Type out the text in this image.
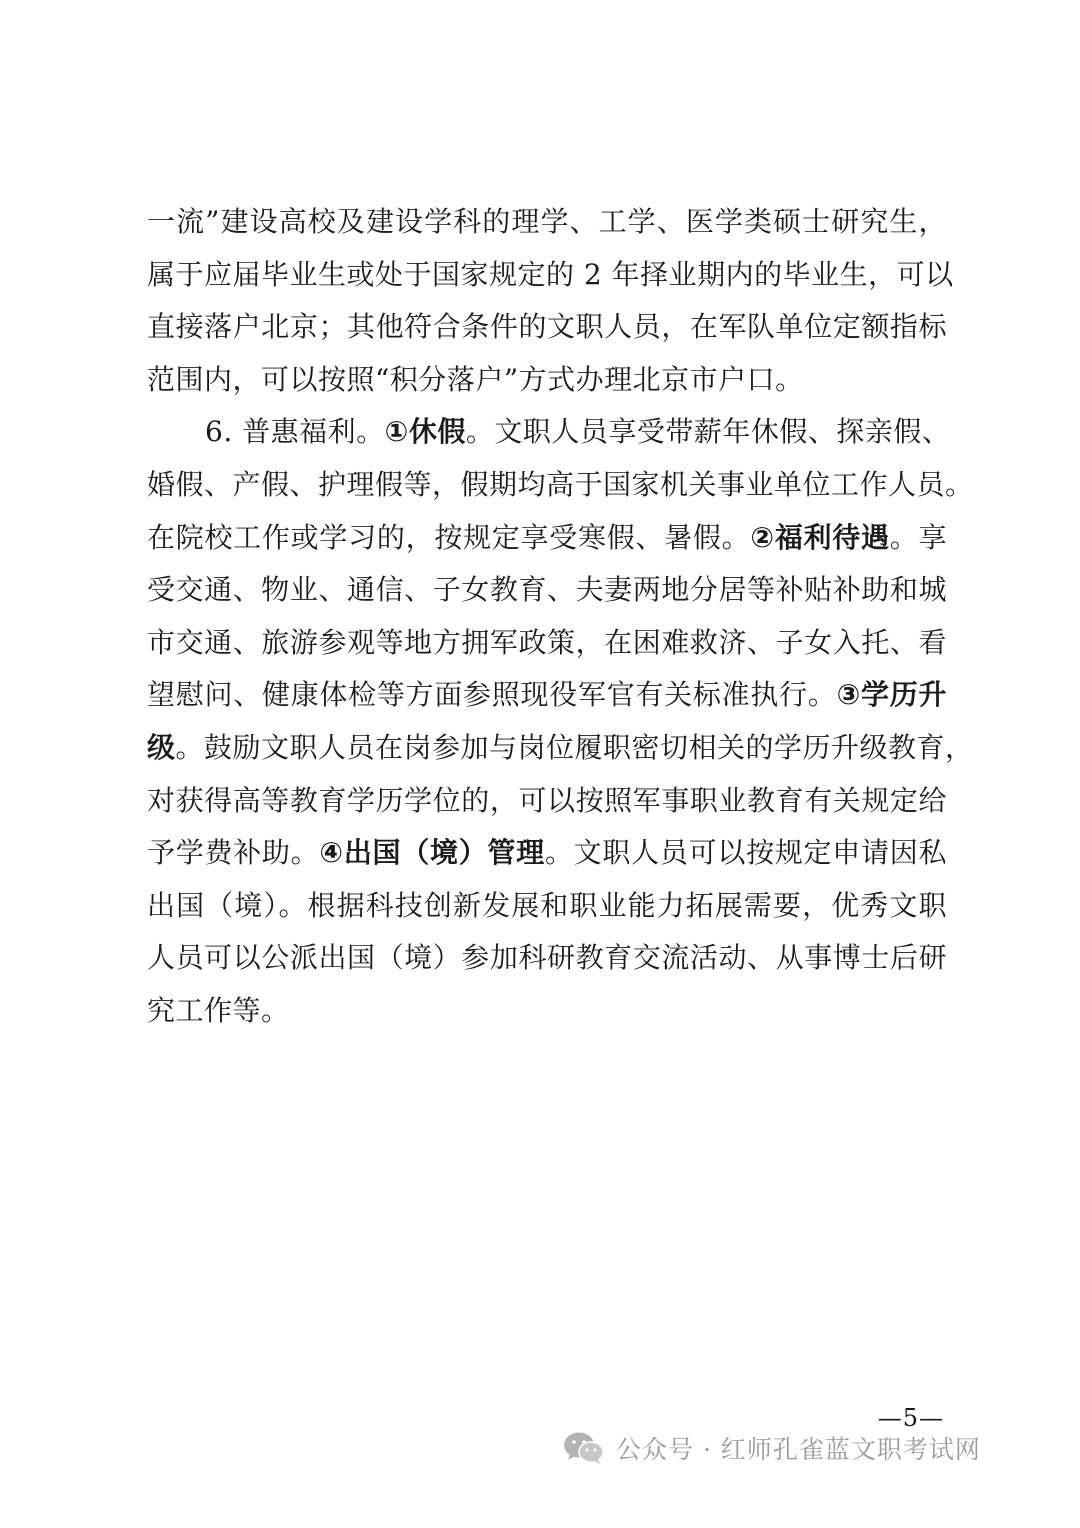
一流”建设高校及建设学科的理学、工学、医学类硕士研究生，
属于应届毕业生或处于国家规定的 2 年择业期内的毕业生，可以
直接落户北京；其他符合条件的文职人员，在军队单位定额指标
范围内，可以按照“积分落户”方式办理北京市户口。
6. 普惠福利。①休假。文职人员享受带薪年休假、探亲假、
婚假、产假、护理假等，假期均高于国家机关事业单位工作人员。
在院校工作或学习的，按规定享受寒假、暑假。②福利待遇。享
受交通、物业、通信、子女教育、夫妻两地分居等补贴补助和城
市交通、旅游参观等地方拥军政策，在困难救济、子女入托、看
望慰问、健康体检等方面参照现役军官有关标准执行。③学历升
级。鼓励文职人员在岗参加与岗位履职密切相关的学历升级教育，
对获得高等教育学历学位的，可以按照军事职业教育有关规定给
予学费补助。④出国（境）管理。文职人员可以按规定申请因私
出国（境）。根据科技创新发展和职业能力拓展需要，优秀文职
人员可以公派出国（境）参加科研教育交流活动、从事博士后研
究工作等。
—5—
公众号 · 红师孔雀蓝文职考试网
